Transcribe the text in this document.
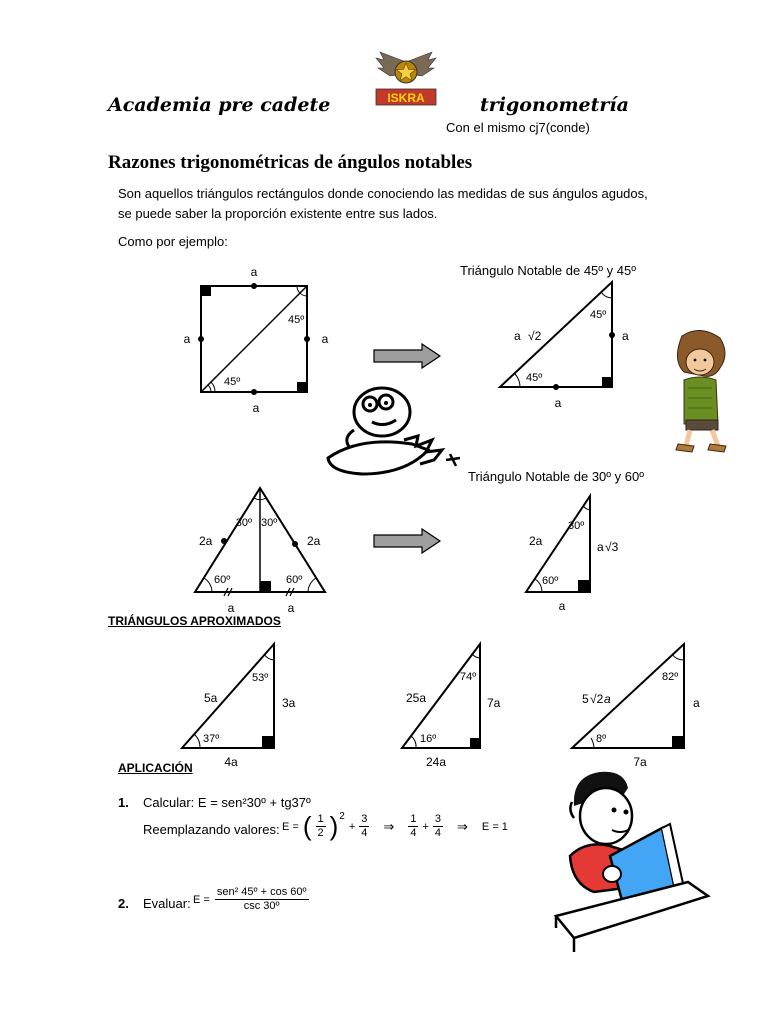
Academia pre cadete	ISKRA	trigonometría
Con el mismo cj7(conde)
Razones trigonométricas de ángulos notables
Son aquellos triángulos rectángulos donde conociendo las medidas de sus ángulos agudos,
se puede saber la proporción existente entre sus lados.
Como por ejemplo:
a
a	a
a
45º
45º
Triángulo Notable de 45º y 45º
a √2
45º
45º
a
a
30º 30º
2a	2a
60º	60º
a	a
Triángulo Notable de 30º y 60º
30º
2a	a √3
60º
a
TRIÁNGULOS APROXIMADOS
5a
53º
3a
37º
4a
25a
74º
7a
16º
24a
5 √2 a
82º
a
8º
7a
APLICACIÓN
1. Calcular: E = sen²30º + tg37º
Reemplazando valores: E = ( $\frac{1}{2}$ ) 2
+ $\frac{3}{4}$ ⇒ $\frac{1}{4} + \frac{3}{4}$ ⇒ E = 1
2. Evaluar: $E = \frac{\text{sen² 45º + cos 60º}}{\text{csc 30º}}$
